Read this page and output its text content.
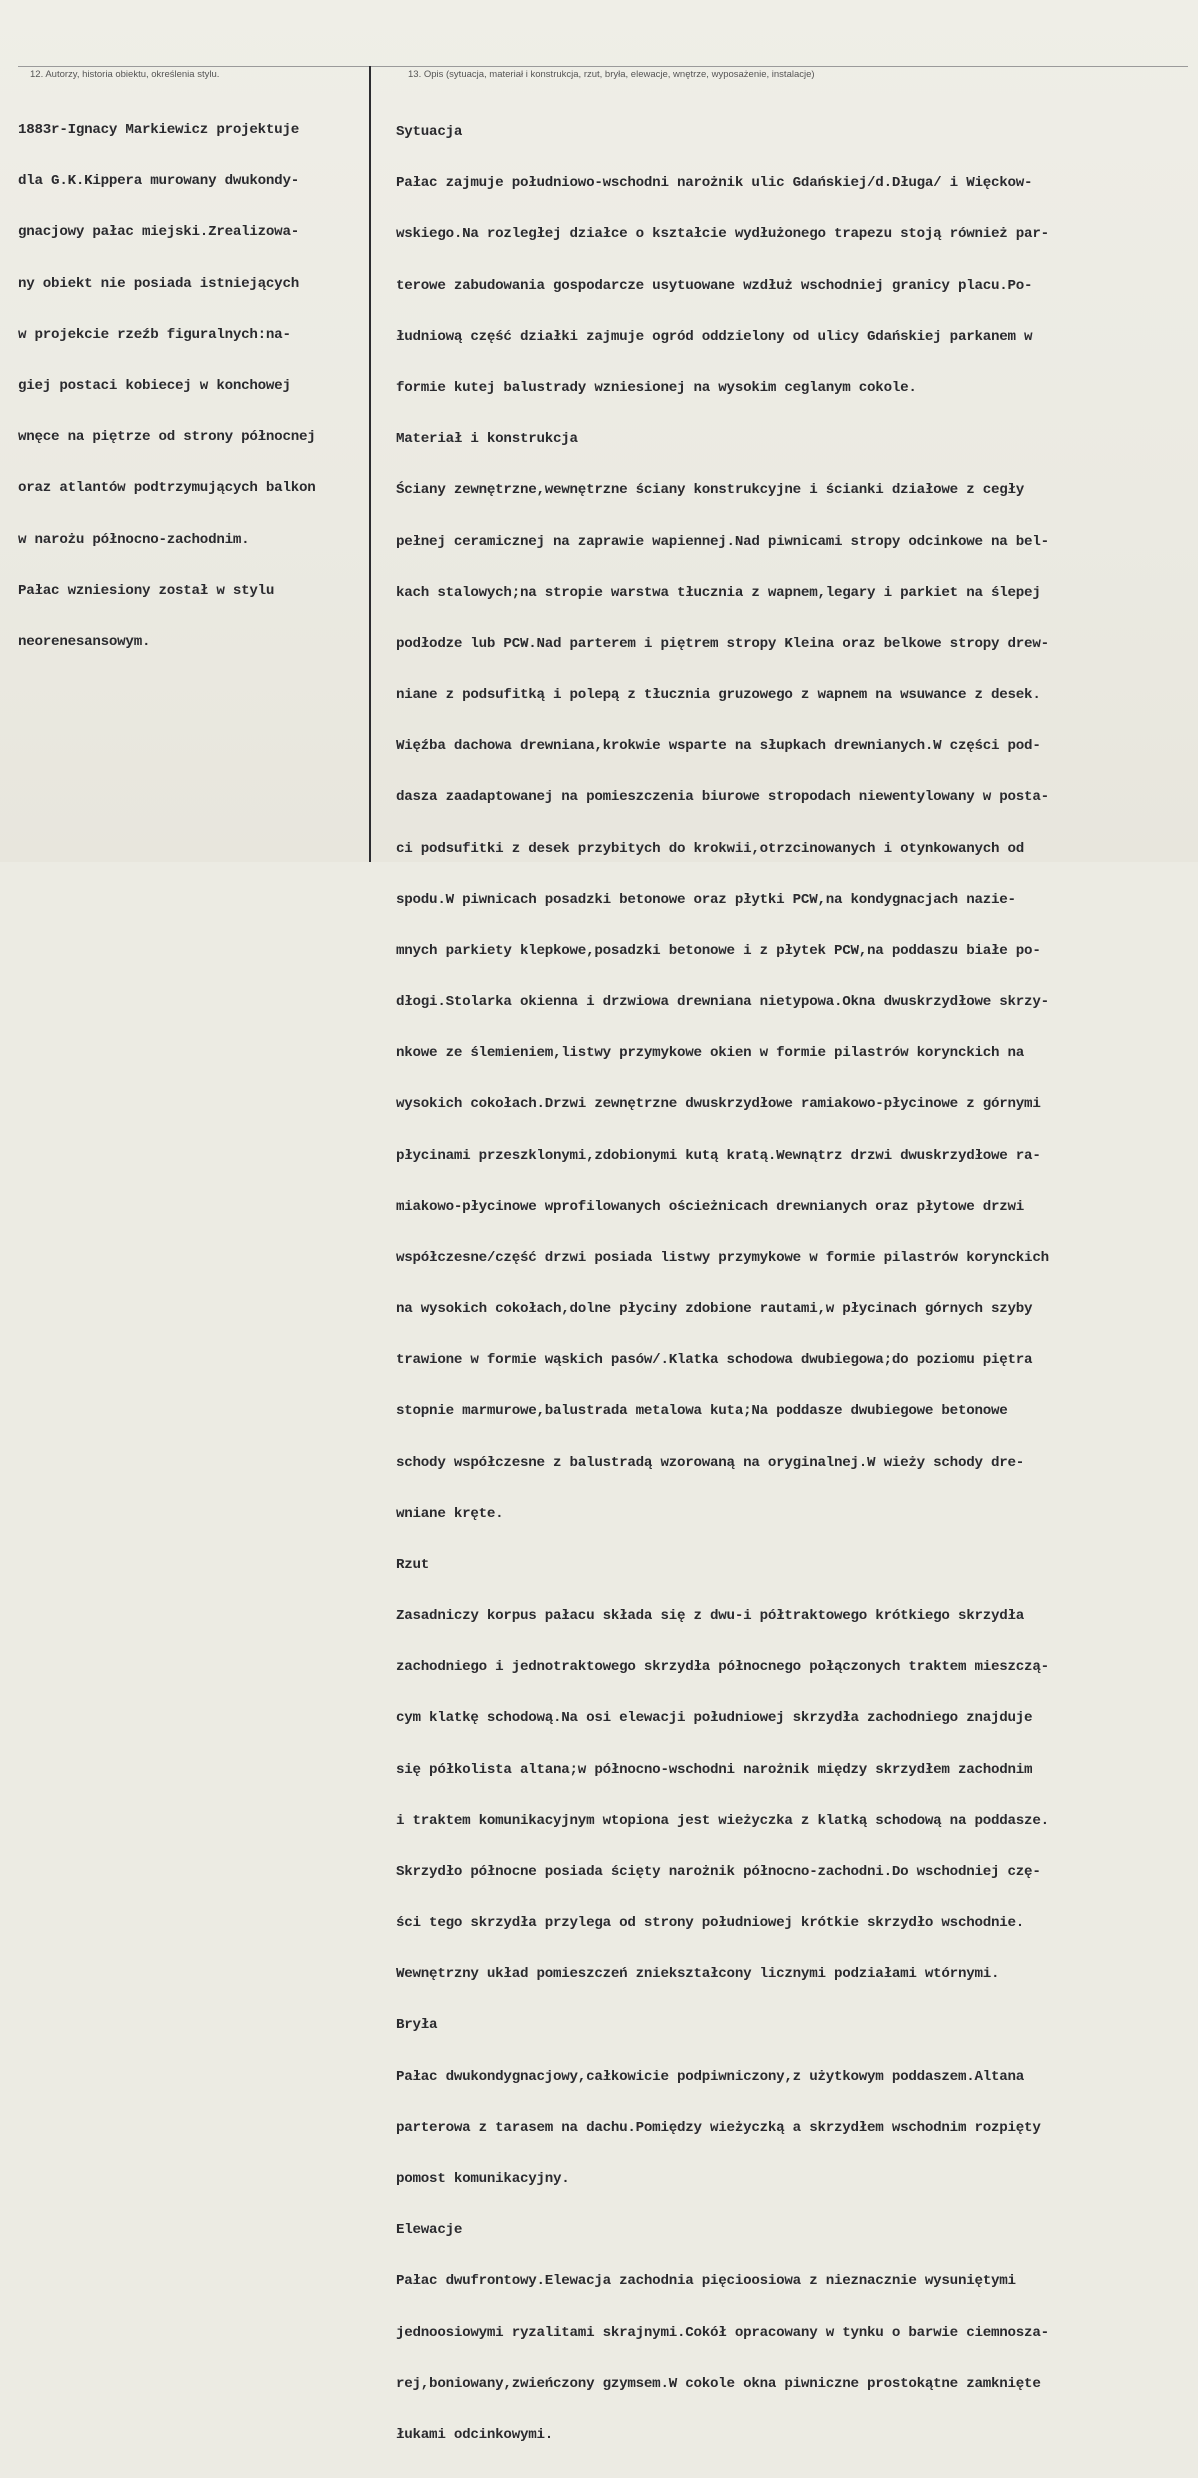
12. Autorzy, historia obiektu, określenia stylu.	13. Opis (sytuacja, materiał i konstrukcja, rzut, bryła, elewacje, wnętrze, wyposażenie, instalacje)

1883r-Ignacy Markiewicz projektuje

dla G.K.Kippera murowany dwukondy-

gnacjowy pałac miejski.Zrealizowa-

ny obiekt nie posiada istniejących

w projekcie rzeźb figuralnych:na-

giej postaci kobiecej w konchowej

wnęce na piętrze od strony północnej

oraz atlantów podtrzymujących balkon

w narożu północno-zachodnim.

Pałac wzniesiony został w stylu

neorenesansowym.

Sytuacja

Pałac zajmuje południowo-wschodni narożnik ulic Gdańskiej/d.Długa/ i Więckow-

wskiego.Na rozległej działce o kształcie wydłużonego trapezu stoją również par-

terowe zabudowania gospodarcze usytuowane wzdłuż wschodniej granicy placu.Po-

łudniową część działki zajmuje ogród oddzielony od ulicy Gdańskiej parkanem w

formie kutej balustrady wzniesionej na wysokim ceglanym cokole.

Materiał i konstrukcja

Ściany zewnętrzne,wewnętrzne ściany konstrukcyjne i ścianki działowe z cegły

pełnej ceramicznej na zaprawie wapiennej.Nad piwnicami stropy odcinkowe na bel-

kach stalowych;na stropie warstwa tłucznia z wapnem,legary i parkiet na ślepej

podłodze lub PCW.Nad parterem i piętrem stropy Kleina oraz belkowe stropy drew-

niane z podsufitką i polepą z tłucznia gruzowego z wapnem na wsuwance z desek.

Więźba dachowa drewniana,krokwie wsparte na słupkach drewnianych.W części pod-

dasza zaadaptowanej na pomieszczenia biurowe stropodach niewentylowany w posta-

ci podsufitki z desek przybitych do krokwii,otrzcinowanych i otynkowanych od

spodu.W piwnicach posadzki betonowe oraz płytki PCW,na kondygnacjach nazie-

mnych parkiety klepkowe,posadzki betonowe i z płytek PCW,na poddaszu białe po-

dłogi.Stolarka okienna i drzwiowa drewniana nietypowa.Okna dwuskrzydłowe skrzy-

nkowe ze ślemieniem,listwy przymykowe okien w formie pilastrów korynckich na

wysokich cokołach.Drzwi zewnętrzne dwuskrzydłowe ramiakowo-płycinowe z górnymi

płycinami przeszklonymi,zdobionymi kutą kratą.Wewnątrz drzwi dwuskrzydłowe ra-

miakowo-płycinowe wprofilowanych ościeżnicach drewnianych oraz płytowe drzwi

współczesne/część drzwi posiada listwy przymykowe w formie pilastrów korynckich

na wysokich cokołach,dolne płyciny zdobione rautami,w płycinach górnych szyby

trawione w formie wąskich pasów/.Klatka schodowa dwubiegowa;do poziomu piętra

stopnie marmurowe,balustrada metalowa kuta;Na poddasze dwubiegowe betonowe

schody współczesne z balustradą wzorowaną na oryginalnej.W wieży schody dre-

wniane kręte.

Rzut

Zasadniczy korpus pałacu składa się z dwu-i półtraktowego krótkiego skrzydła

zachodniego i jednotraktowego skrzydła północnego połączonych traktem mieszczą-

cym klatkę schodową.Na osi elewacji południowej skrzydła zachodniego znajduje

się półkolista altana;w północno-wschodni narożnik między skrzydłem zachodnim

i traktem komunikacyjnym wtopiona jest wieżyczka z klatką schodową na poddasze.

Skrzydło północne posiada ścięty narożnik północno-zachodni.Do wschodniej czę-

ści tego skrzydła przylega od strony południowej krótkie skrzydło wschodnie.

Wewnętrzny układ pomieszczeń zniekształcony licznymi podziałami wtórnymi.

Bryła

Pałac dwukondygnacjowy,całkowicie podpiwniczony,z użytkowym poddaszem.Altana

parterowa z tarasem na dachu.Pomiędzy wieżyczką a skrzydłem wschodnim rozpięty

pomost komunikacyjny.

Elewacje

Pałac dwufrontowy.Elewacja zachodnia pięcioosiowa z nieznacznie wysuniętymi

jednoosiowymi ryzalitami skrajnymi.Cokół opracowany w tynku o barwie ciemnosza-

rej,boniowany,zwieńczony gzymsem.W cokole okna piwniczne prostokątne zamknięte

łukami odcinkowymi.
